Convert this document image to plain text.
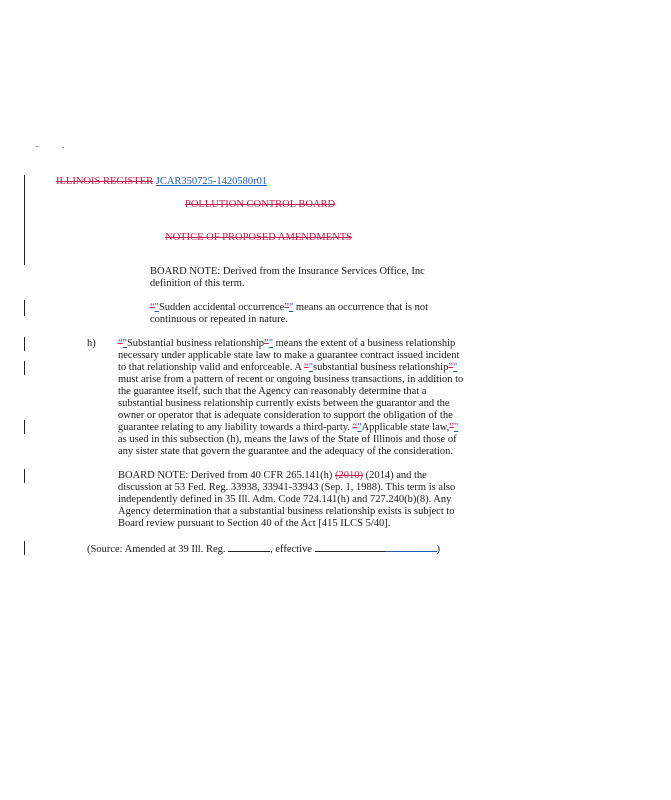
ILLINOIS REGISTER JCAR350725-1420580r01
POLLUTION CONTROL BOARD
NOTICE OF PROPOSED AMENDMENTS
BOARD NOTE: Derived from the Insurance Services Office, Inc
definition of this term.
“"Sudden accidental occurrence”" means an occurrence that is not
continuous or repeated in nature.
h) “"Substantial business relationship”" means the extent of a business relationship
necessary under applicable state law to make a guarantee contract issued incident
to that relationship valid and enforceable. A “"substantial business relationship”"
must arise from a pattern of recent or ongoing business transactions, in addition to
the guarantee itself, such that the Agency can reasonably determine that a
substantial business relationship currently exists between the guarantor and the
owner or operator that is adequate consideration to support the obligation of the
guarantee relating to any liability towards a third-party. “"Applicable state law,”"
as used in this subsection (h), means the laws of the State of Illinois and those of
any sister state that govern the guarantee and the adequacy of the consideration.
BOARD NOTE: Derived from 40 CFR 265.141(h) (2010) (2014) and the
discussion at 53 Fed. Reg. 33938, 33941-33943 (Sep. 1, 1988). This term is also
independently defined in 35 Ill. Adm. Code 724.141(h) and 727.240(b)(8). Any
Agency determination that a substantial business relationship exists is subject to
Board review pursuant to Section 40 of the Act [415 ILCS 5/40].
(Source: Amended at 39 Ill. Reg.	, effective	)
